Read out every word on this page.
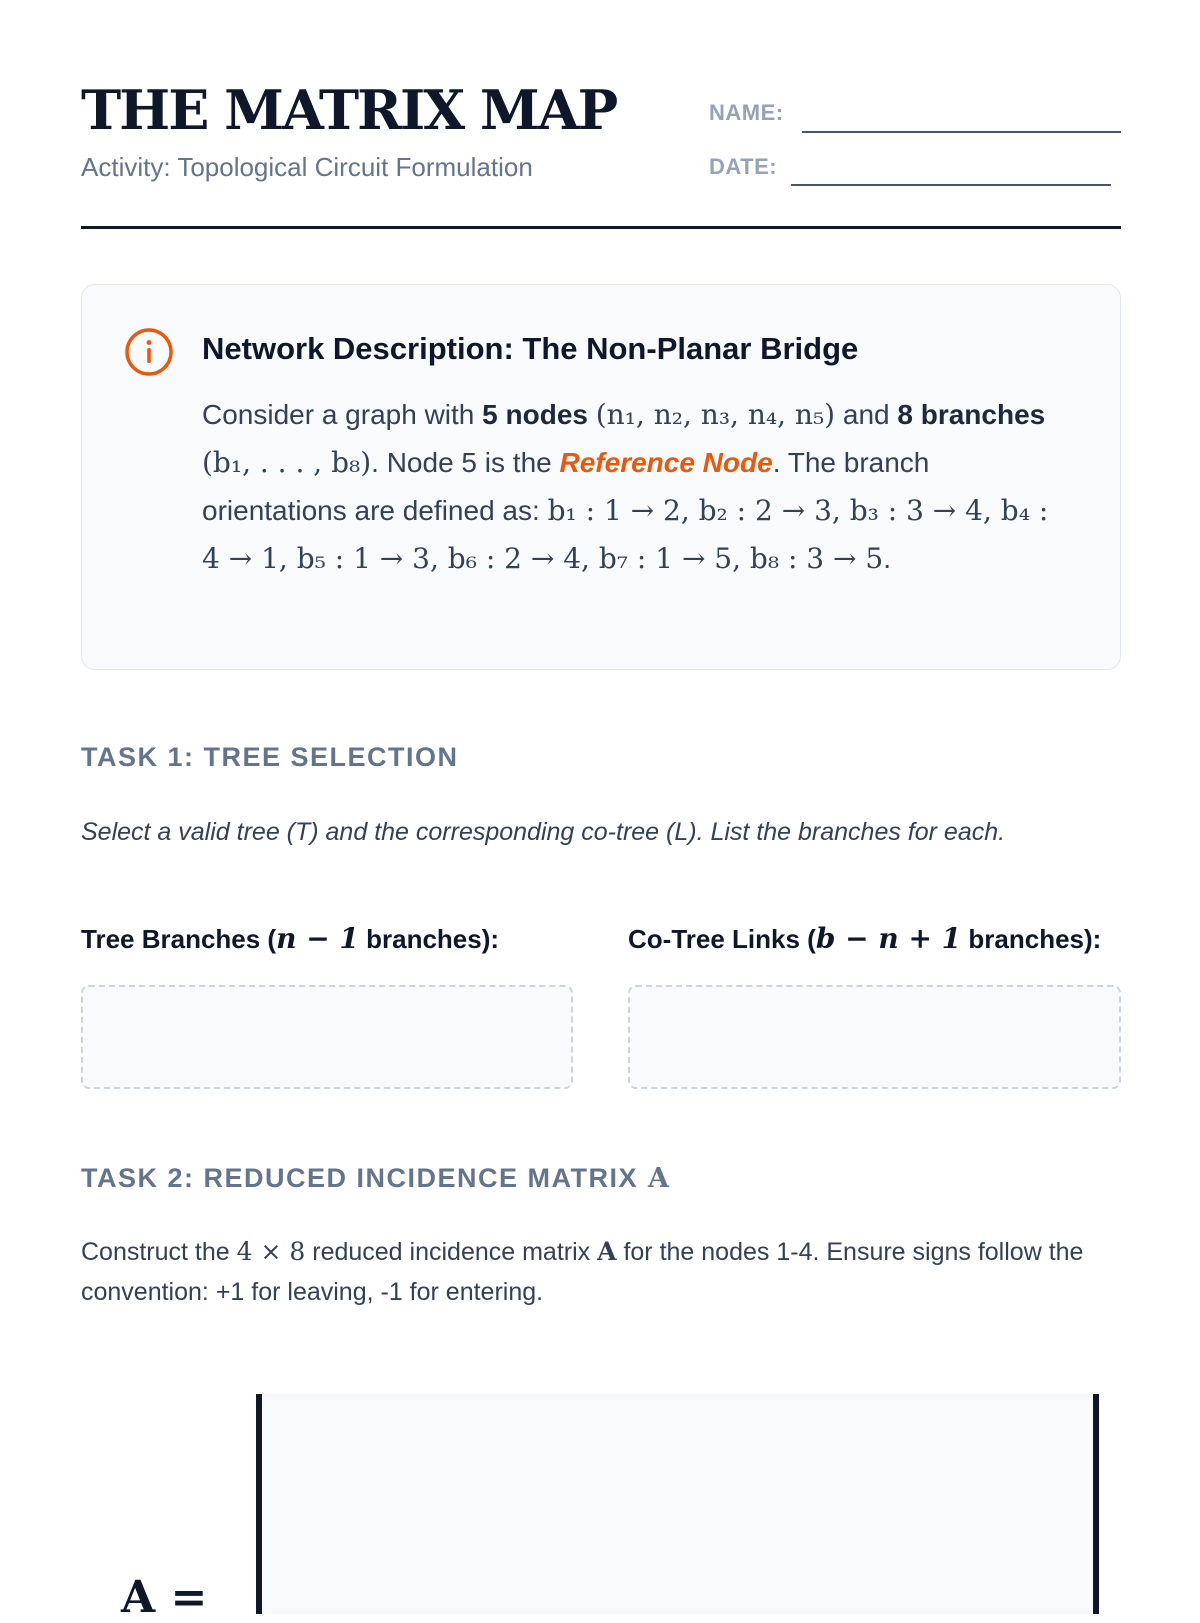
THE MATRIX MAP
Activity: Topological Circuit Formulation
NAME:
DATE:
Network Description: The Non-Planar Bridge
Consider a graph with 5 nodes (n₁, n₂, n₃, n₄, n₅) and 8 branches (b₁, . . . , b₈). Node 5 is the Reference Node. The branch orientations are defined as: b₁ : 1 → 2, b₂ : 2 → 3, b₃ : 3 → 4, b₄ : 4 → 1, b₅ : 1 → 3, b₆ : 2 → 4, b₇ : 1 → 5, b₈ : 3 → 5.
TASK 1: TREE SELECTION
Select a valid tree (T) and the corresponding co-tree (L). List the branches for each.
Tree Branches (n − 1 branches):	Co-Tree Links (b − n + 1 branches):
TASK 2: REDUCED INCIDENCE MATRIX A
Construct the 4 × 8 reduced incidence matrix A for the nodes 1-4. Ensure signs follow the convention: +1 for leaving, -1 for entering.
A =
